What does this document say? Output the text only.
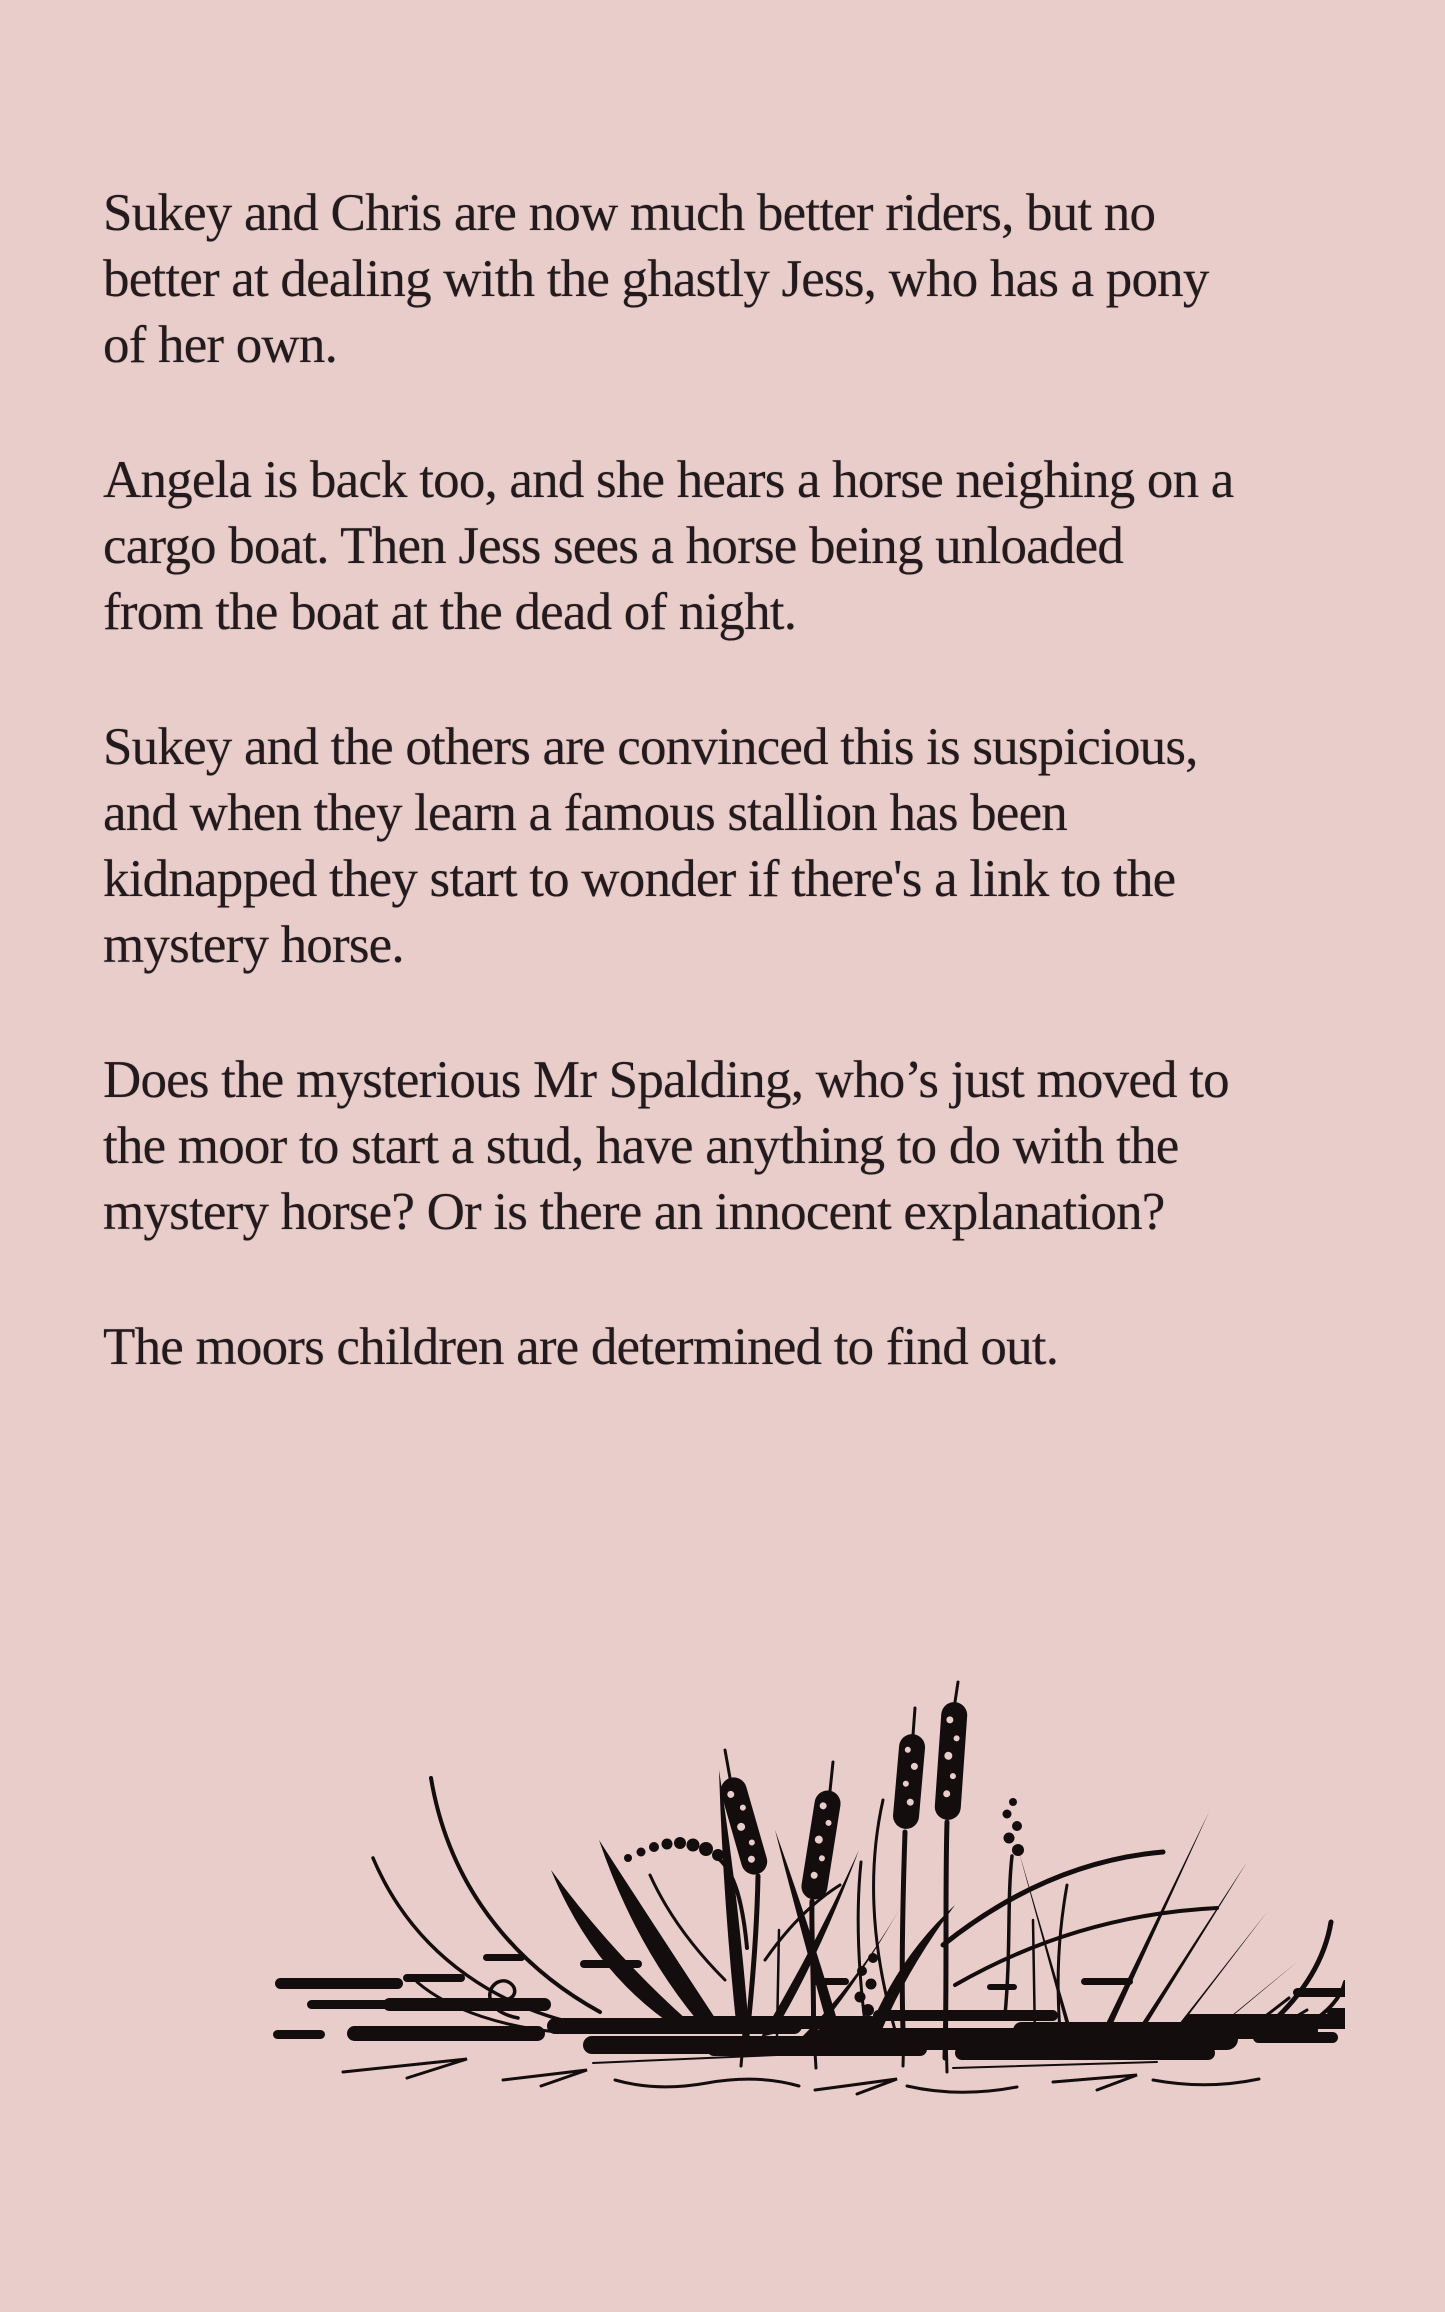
Sukey and Chris are now much better riders, but no
better at dealing with the ghastly Jess, who has a pony
of her own.

Angela is back too, and she hears a horse neighing on a
cargo boat. Then Jess sees a horse being unloaded
from the boat at the dead of night.

Sukey and the others are convinced this is suspicious,
and when they learn a famous stallion has been
kidnapped they start to wonder if there's a link to the
mystery horse.

Does the mysterious Mr Spalding, who’s just moved to
the moor to start a stud, have anything to do with the
mystery horse? Or is there an innocent explanation?

The moors children are determined to find out.
